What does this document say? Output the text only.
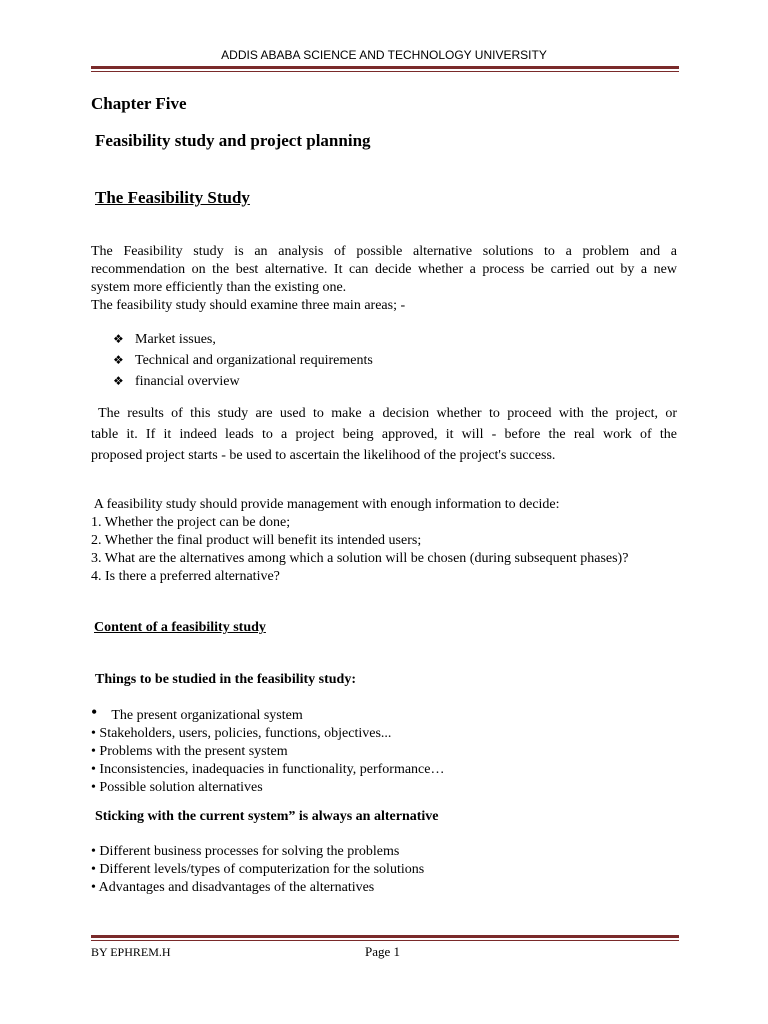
ADDIS ABABA SCIENCE AND TECHNOLOGY UNIVERSITY
Chapter Five
Feasibility study and project planning
The Feasibility Study
The Feasibility study is an analysis of possible alternative solutions to a problem and a
recommendation on the best alternative. It can decide whether a process be carried out by a new
system more efficiently than the existing one.
The feasibility study should examine three main areas; -
❖ Market issues,
❖ Technical and organizational requirements
❖ financial overview
The results of this study are used to make a decision whether to proceed with the project, or
table it. If it indeed leads to a project being approved, it will - before the real work of the
proposed project starts - be used to ascertain the likelihood of the project's success.
A feasibility study should provide management with enough information to decide:
1. Whether the project can be done;
2. Whether the final product will benefit its intended users;
3. What are the alternatives among which a solution will be chosen (during subsequent phases)?
4. Is there a preferred alternative?
Content of a feasibility study
Things to be studied in the feasibility study:
• The present organizational system
• Stakeholders, users, policies, functions, objectives...
• Problems with the present system
• Inconsistencies, inadequacies in functionality, performance…
• Possible solution alternatives
Sticking with the current system” is always an alternative
• Different business processes for solving the problems
• Different levels/types of computerization for the solutions
• Advantages and disadvantages of the alternatives
BY EPHREM.H	Page 1
